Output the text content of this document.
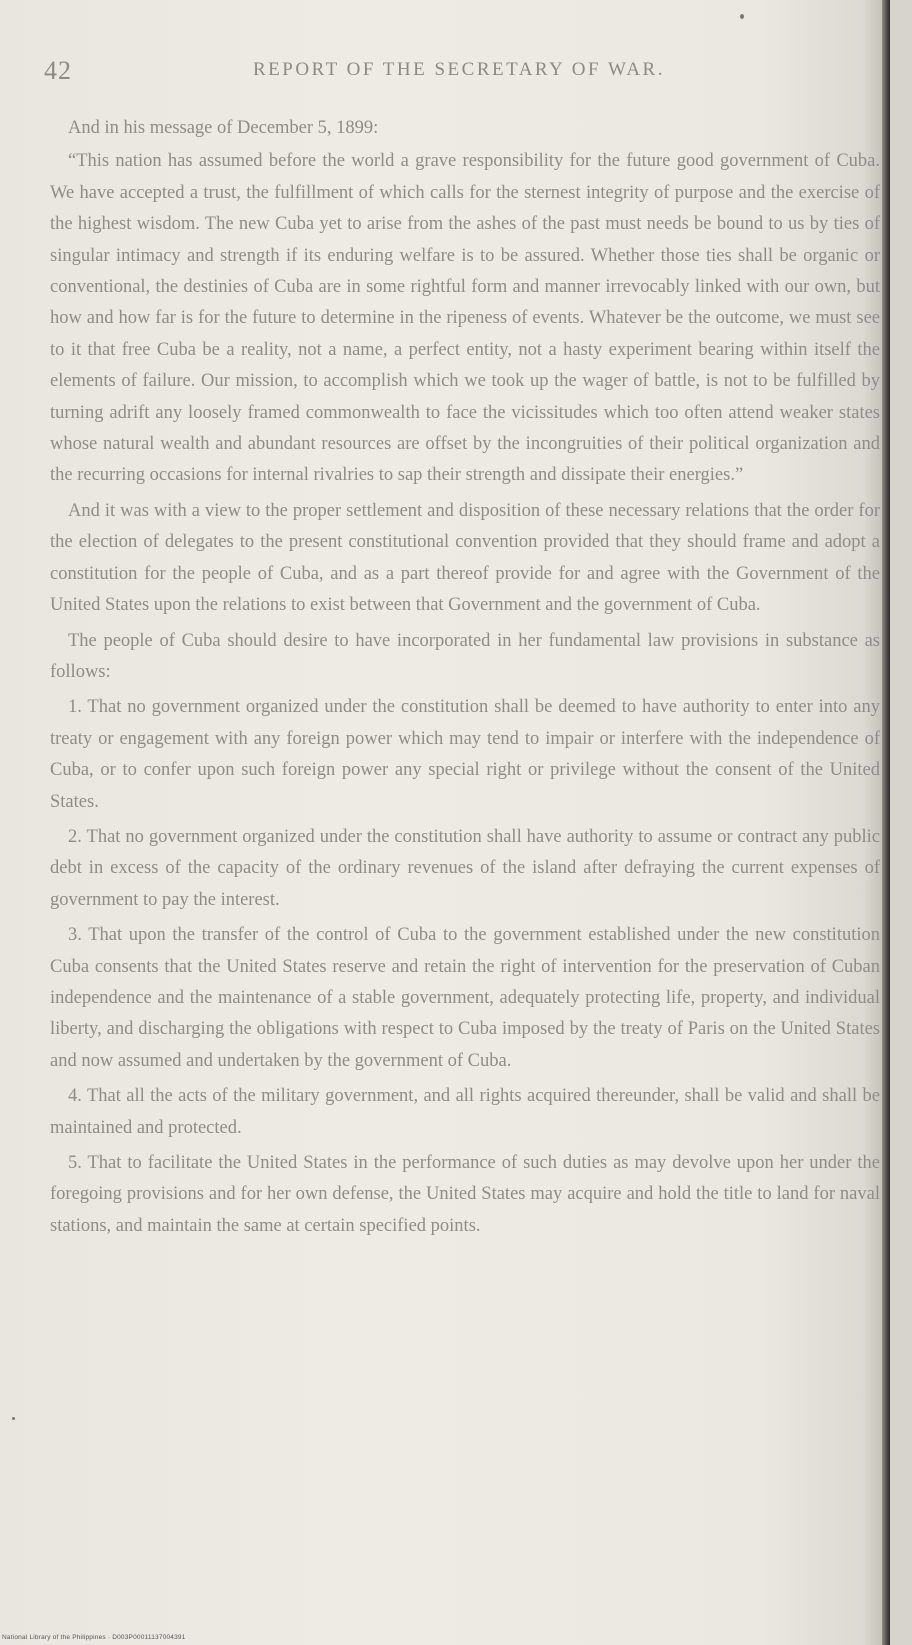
42	REPORT OF THE SECRETARY OF WAR.

And in his message of December 5, 1899:

“This nation has assumed before the world a grave responsibility for the future good government of Cuba. We have accepted a trust, the fulfillment of which calls for the sternest integrity of purpose and the exercise of the highest wisdom. The new Cuba yet to arise from the ashes of the past must needs be bound to us by ties of singular intimacy and strength if its enduring welfare is to be assured. Whether those ties shall be organic or conventional, the destinies of Cuba are in some rightful form and manner irrevocably linked with our own, but how and how far is for the future to determine in the ripeness of events. Whatever be the outcome, we must see to it that free Cuba be a reality, not a name, a perfect entity, not a hasty experiment bearing within itself the elements of failure. Our mission, to accomplish which we took up the wager of battle, is not to be fulfilled by turning adrift any loosely framed commonwealth to face the vicissitudes which too often attend weaker states whose natural wealth and abundant resources are offset by the incongruities of their political organization and the recurring occasions for internal rivalries to sap their strength and dissipate their energies.”

And it was with a view to the proper settlement and disposition of these necessary relations that the order for the election of delegates to the present constitutional convention provided that they should frame and adopt a constitution for the people of Cuba, and as a part thereof provide for and agree with the Government of the United States upon the relations to exist between that Government and the government of Cuba.

The people of Cuba should desire to have incorporated in her fundamental law provisions in substance as follows:

1. That no government organized under the constitution shall be deemed to have authority to enter into any treaty or engagement with any foreign power which may tend to impair or interfere with the independence of Cuba, or to confer upon such foreign power any special right or privilege without the consent of the United States.

2. That no government organized under the constitution shall have authority to assume or contract any public debt in excess of the capacity of the ordinary revenues of the island after defraying the current expenses of government to pay the interest.

3. That upon the transfer of the control of Cuba to the government established under the new constitution Cuba consents that the United States reserve and retain the right of intervention for the preservation of Cuban independence and the maintenance of a stable government, adequately protecting life, property, and individual liberty, and discharging the obligations with respect to Cuba imposed by the treaty of Paris on the United States and now assumed and undertaken by the government of Cuba.

4. That all the acts of the military government, and all rights acquired thereunder, shall be valid and shall be maintained and protected.

5. That to facilitate the United States in the performance of such duties as may devolve upon her under the foregoing provisions and for her own defense, the United States may acquire and hold the title to land for naval stations, and maintain the same at certain specified points.

National Library of the Philippines · D003P00011137004391
